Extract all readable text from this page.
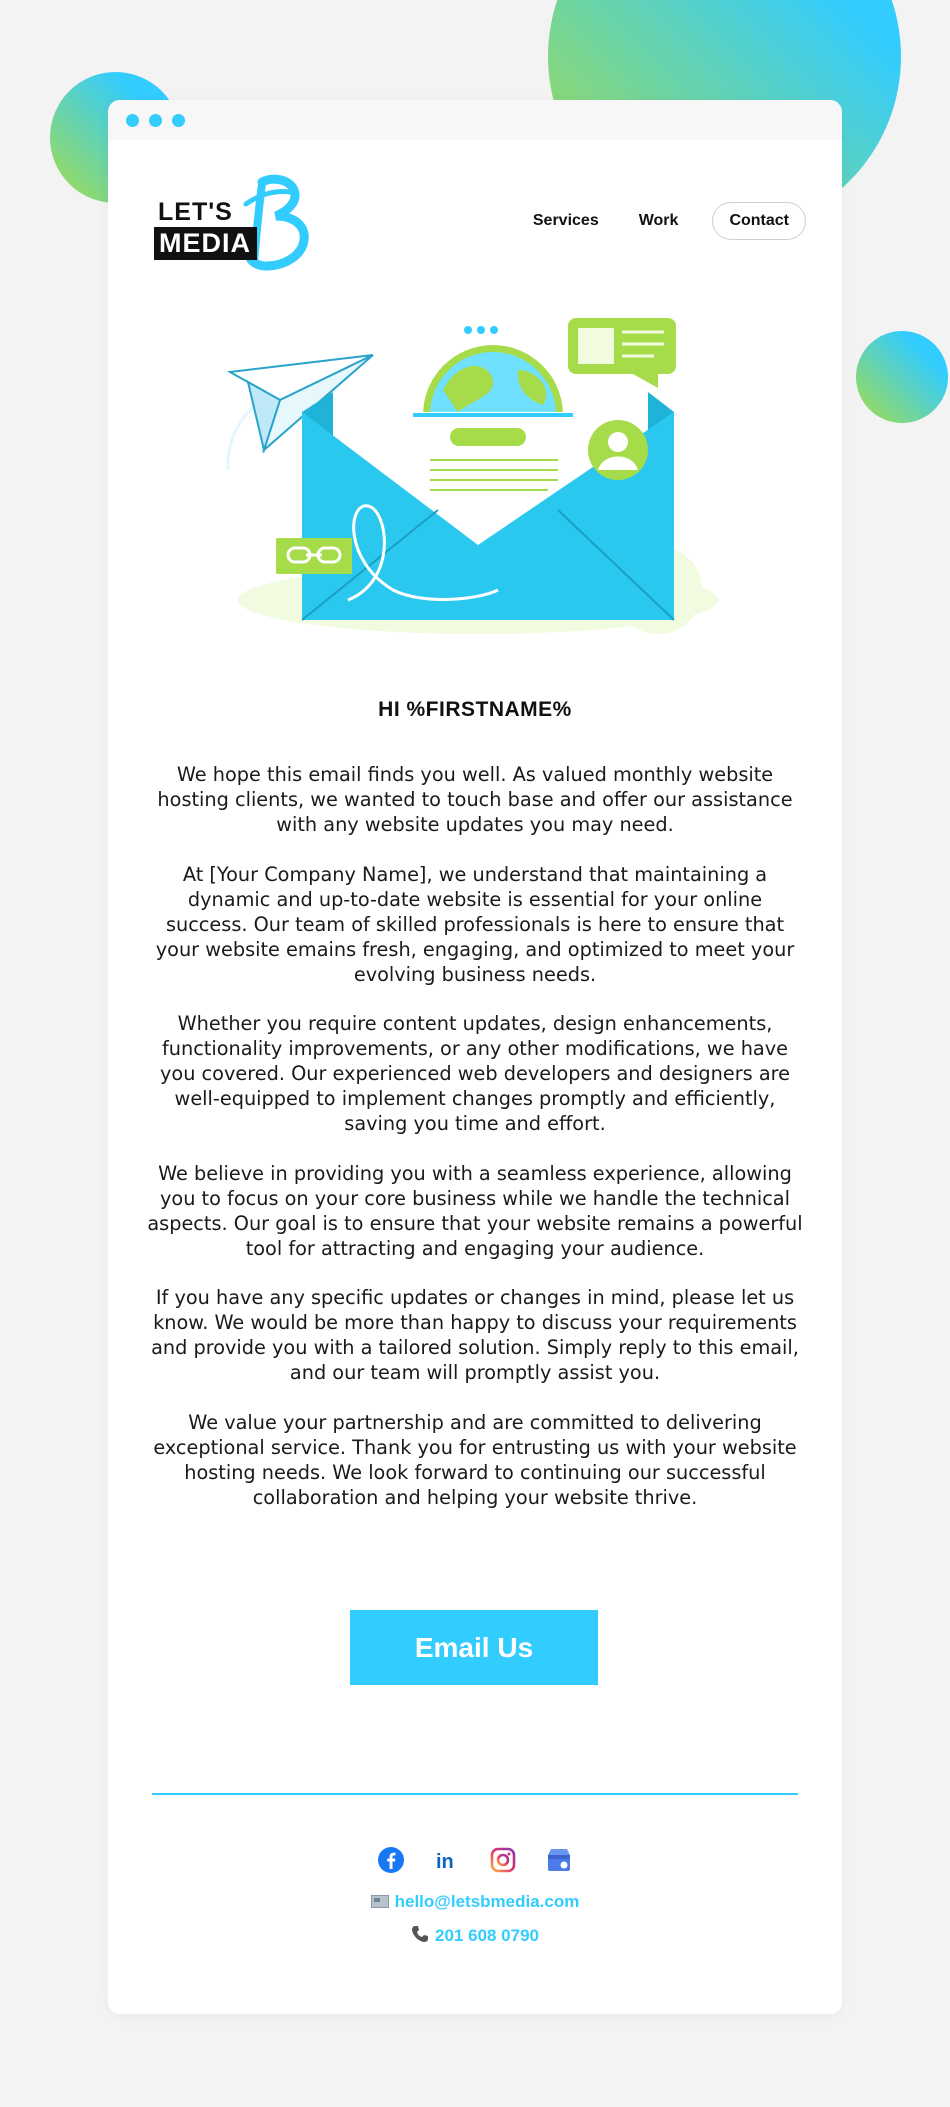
LET'S
MEDIA
Services	Work	Contact
HI %FIRSTNAME%

We hope this email finds you well. As valued monthly website hosting clients, we wanted to touch base and offer our assistance with any website updates you may need.

At [Your Company Name], we understand that maintaining a dynamic and up-to-date website is essential for your online success. Our team of skilled professionals is here to ensure that your website emains fresh, engaging, and optimized to meet your evolving business needs.

Whether you require content updates, design enhancements, functionality improvements, or any other modifications, we have you covered. Our experienced web developers and designers are well-equipped to implement changes promptly and efficiently, saving you time and effort.

We believe in providing you with a seamless experience, allowing you to focus on your core business while we handle the technical aspects. Our goal is to ensure that your website remains a powerful tool for attracting and engaging your audience.

If you have any specific updates or changes in mind, please let us know. We would be more than happy to discuss your requirements and provide you with a tailored solution. Simply reply to this email, and our team will promptly assist you.

We value your partnership and are committed to delivering exceptional service. Thank you for entrusting us with your website hosting needs. We look forward to continuing our successful collaboration and helping your website thrive.

Email Us
in
hello@letsbmedia.com
201 608 0790
